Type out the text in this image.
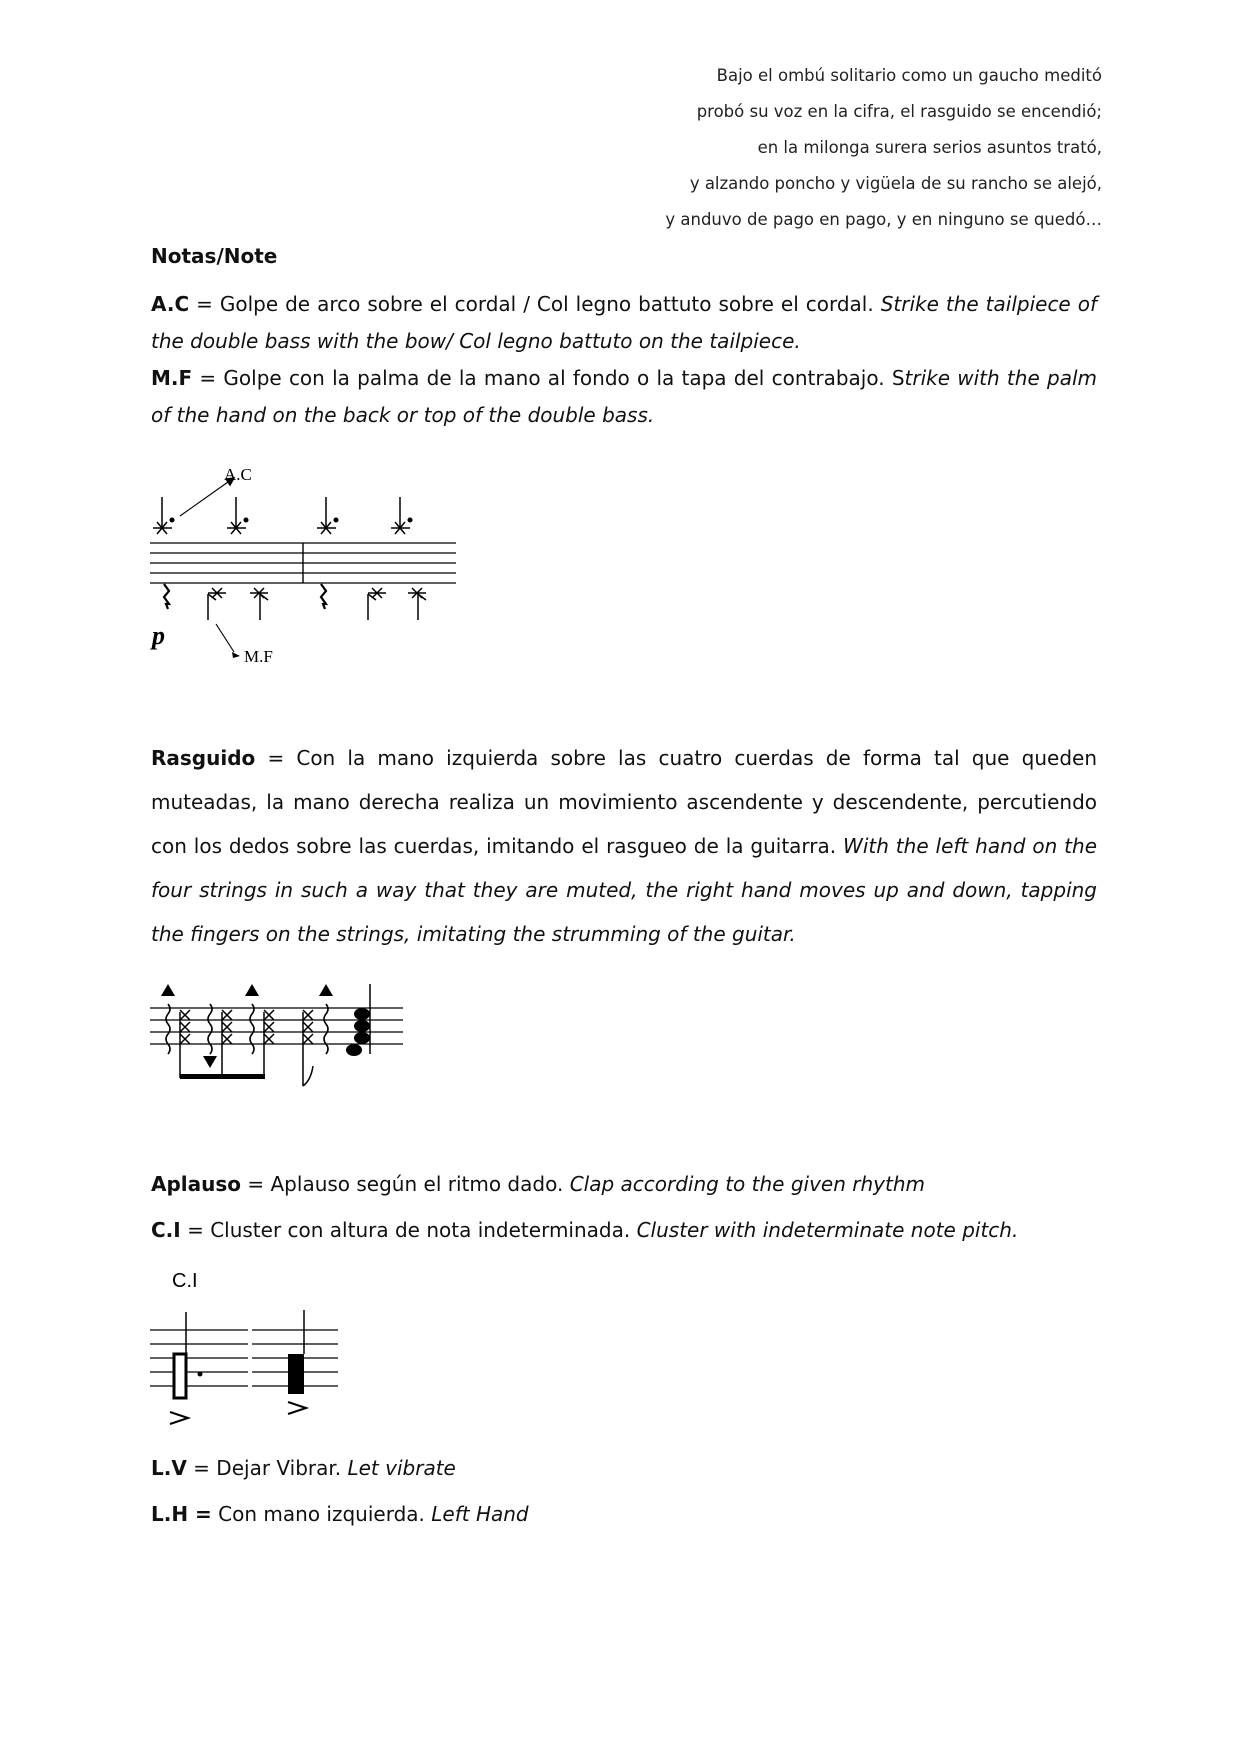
Bajo el ombú solitario como un gaucho meditó
probó su voz en la cifra, el rasguido se encendió;
en la milonga surera serios asuntos trató,
y alzando poncho y vigüela de su rancho se alejó,
y anduvo de pago en pago, y en ninguno se quedó…
Notas/Note
A.C = Golpe de arco sobre el cordal / Col legno battuto sobre el cordal. Strike the tailpiece of the double bass with the bow/ Col legno battuto on the tailpiece.
M.F = Golpe con la palma de la mano al fondo o la tapa del contrabajo. Strike with the palm of the hand on the back or top of the double bass.
A.C
M.F
p
Rasguido = Con la mano izquierda sobre las cuatro cuerdas de forma tal que queden muteadas, la mano derecha realiza un movimiento ascendente y descendente, percutiendo con los dedos sobre las cuerdas, imitando el rasgueo de la guitarra. With the left hand on the four strings in such a way that they are muted, the right hand moves up and down, tapping the fingers on the strings, imitating the strumming of the guitar.
Aplauso = Aplauso según el ritmo dado. Clap according to the given rhythm
C.I = Cluster con altura de nota indeterminada. Cluster with indeterminate note pitch.
C.I
L.V = Dejar Vibrar. Let vibrate
L.H = Con mano izquierda. Left Hand
